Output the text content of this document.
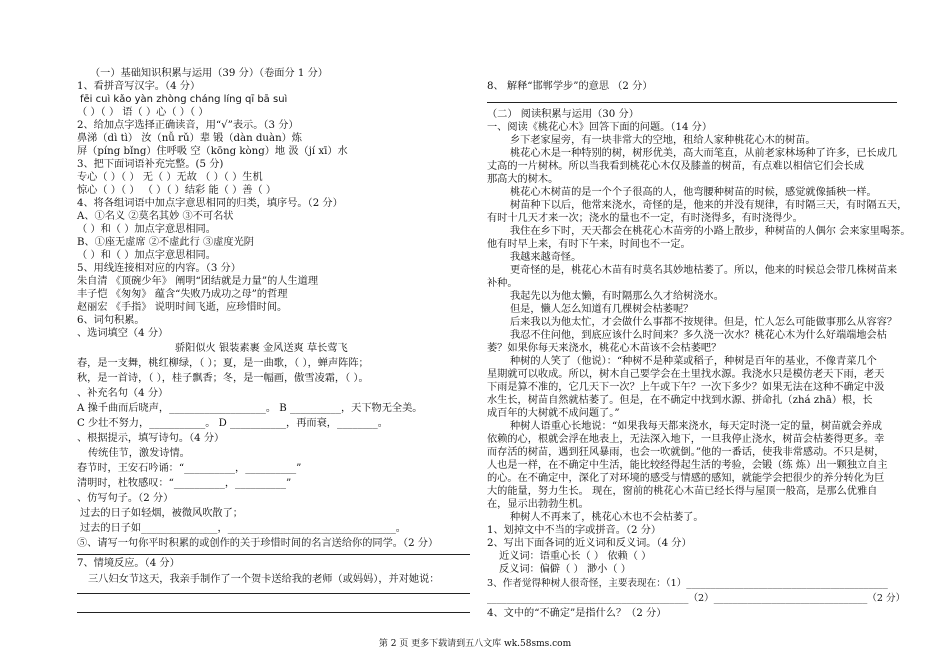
（一）基础知识积累与运用（39 分）（卷面分 1 分）
1、看拼音写汉字。（4 分）
fēi cuì kǎo yàn zhòng cháng líng qī bā suì
（ ）（ ） 语（ ）心（ ）（ ）
2、给加点字选择正确读音，用“√”表示。（3 分）
鼻涕（dì tì） 汝（nǚ rǔ）辈 锻（dàn duàn）炼
屏（píng bǐng）住呼吸 空（kōng kòng）地 汲（jí xī）水
3、把下面词语补充完整。(5 分)
专心（ ）（ ） 无（ ）无故 （ ）（ ）生机
惊心（ ）（ ） （ ）（ ）结彩 能（ ）善（ ）
4、将各组词语中加点字意思相同的归类，填序号。（2 分）
A、①名义 ②莫名其妙 ③不可名状
（ ）和（ ）加点字意思相同。
B、①座无虚席 ②不虚此行 ③虚度光阴
（ ）和（ ）加点字意思相同。
5、用线连接相对应的内容。（3 分）
朱自清 《顶碗少年》 阐明“团结就是力量”的人生道理
丰子恺 《匆匆》 蕴含“失败乃成功之母”的哲理
赵丽宏 《手指》 说明时间飞逝，应珍惜时间。
6、词句积累。
、选词填空（4 分）
骄阳似火 银装素裹 金风送爽 草长莺飞
春，是一支舞，桃红柳绿，（ ）；夏，是一曲歌，（ ），蝉声阵阵；
秋，是一首诗，（ ），桂子飘香；冬，是一幅画，傲雪凌霜，（ ）。
、补充名句（4 分）
A 操千曲而后晓声，___________________。 B __________，天下物无全美。
C 少壮不努力，___________。 D ___________，再而衰，________。
、根据提示，填写诗句。（4 分）
传统佳节，激发诗情。
春节时，王安石吟诵：“__________，__________”
清明时，杜牧感叹：“__________，__________”
、仿写句子。（2 分）
过去的日子如轻烟，被微风吹散了；
过去的日子如_______________，_________________________________。
⑤、请写一句你平时积累的或创作的关于珍惜时间的名言送给你的同学。（2 分）
7、情境反应。（4 分）
三八妇女节这天，我亲手制作了一个贺卡送给我的老师（或妈妈），并对她说：
8、 解释“邯郸学步”的意思 （2 分）
（二） 阅读积累与运用（30 分）
一、阅读《桃花心木》回答下面的问题。（14 分）
乡下老家屋旁，有一块非常大的空地，租给人家种桃花心木的树苗。
桃花心木是一种特别的树，树形优美，高大而笔直，从前老家林场种了许多，已长成几
丈高的一片树林。所以当我看到桃花心木仅及膝盖的树苗，有点难以相信它们会长成
那高大的树木。
桃花心木树苗的是一个个子很高的人，他弯腰种树苗的时候，感觉就像插秧一样。
树苗种下以后，他常来浇水，奇怪的是，他来的并没有规律，有时隔三天，有时隔五天，
有时十几天才来一次；浇水的量也不一定，有时浇得多，有时浇得少。
我住在乡下时，天天都会在桃花心木苗旁的小路上散步，种树苗的人偶尔 会来家里喝茶。
他有时早上来，有时下午来，时间也不一定。
我越来越奇怪。
更奇怪的是，桃花心木苗有时莫名其妙地枯萎了。所以，他来的时候总会带几株树苗来
补种。
我起先以为他太懒，有时隔那么久才给树浇水。
但是，懒人怎么知道有几棵树会枯萎呢？
后来我以为他太忙，才会做什么事都不按规律。但是，忙人怎么可能做事那么从容容？
我忍不住问他，到底应该什么时间来？多久浇一次水？桃花心木为什么好端端地会枯
萎？如果你每天来浇水，桃花心木苗该不会枯萎吧？
种树的人笑了（他说）：“种树不是种菜或稻子，种树是百年的基业，不像青菜几个
星期就可以收成。所以，树木自己要学会在土里找水源。我浇水只是模仿老天下雨，老天
下雨是算不准的，它几天下一次？上午或下午？一次下多少？如果无法在这种不确定中汲
水生长，树苗自然就枯萎了。但是，在不确定中找到水源、拼命扎（zhá zhā）根，长
成百年的大树就不成问题了。”
种树人语重心长地说：“如果我每天都来浇水，每天定时浇一定的量，树苗就会养成
依赖的心，根就会浮在地表上，无法深入地下，一旦我停止浇水，树苗会枯萎得更多。幸
而存活的树苗，遇到狂风暴雨，也会一吹就倒。”他的一番话，使我非常感动。不只是树，
人也是一样，在不确定中生活，能比较经得起生活的考验，会锻（练 炼）出一颗独立自主
的心。在不确定中，深化了对环境的感受与情感的感知，就能学会把很少的养分转化为巨
大的能量，努力生长。 现在，窗前的桃花心木苗已经长得与屋顶一般高，是那么优雅自
在，显示出勃勃生机。
种树人不再来了，桃花心木也不会枯萎了。
1、划掉文中不当的字或拼音。（2 分）
2、写出下面各词的近义词和反义词。（4 分）
近义词：语重心长（ ） 依赖（ ）
反义词：偏僻（ ） 渺小（ ）
3、作者觉得种树人很奇怪，主要表现在：（1）__________________________________________
__________________________________________（2）________________________________（2 分）
4、文中的“不确定”是指什么？（2 分）
第 2 页 更多下载请到五八文库 wk.58sms.com
